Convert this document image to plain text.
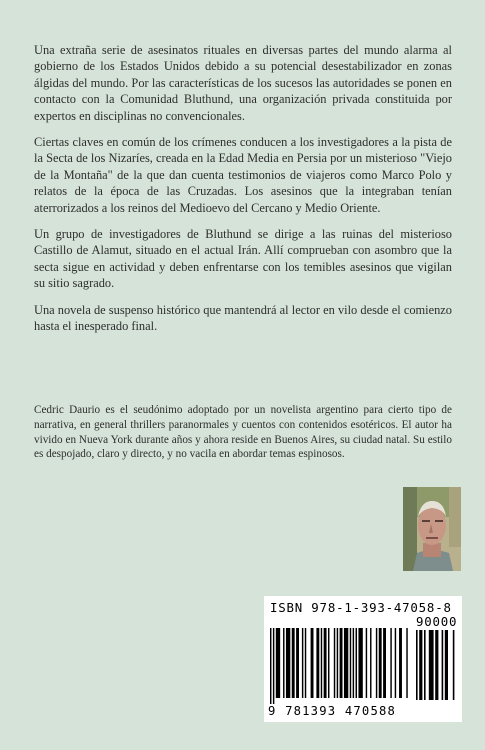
Una extraña serie de asesinatos rituales en diversas partes del mundo alarma al gobierno de los Estados Unidos debido a su potencial desestabilizador en zonas álgidas del mundo. Por las características de los sucesos las autoridades se ponen en contacto con la Comunidad Bluthund, una organización privada constituida por expertos en disciplinas no convencionales.

Ciertas claves en común de los crímenes conducen a los investigadores a la pista de la Secta de los Nizaríes, creada en la Edad Media en Persia por un misterioso "Viejo de la Montaña" de la que dan cuenta testimonios de viajeros como Marco Polo y relatos de la época de las Cruzadas. Los asesinos que la integraban tenían aterrorizados a los reinos del Medioevo del Cercano y Medio Oriente.

Un grupo de investigadores de Bluthund se dirige a las ruinas del misterioso Castillo de Alamut, situado en el actual Irán. Allí comprueban con asombro que la secta sigue en actividad y deben enfrentarse con los temibles asesinos que vigilan su sitio sagrado.

Una novela de suspenso histórico que mantendrá al lector en vilo desde el comienzo hasta el inesperado final.

Cedric Daurio es el seudónimo adoptado por un novelista argentino para cierto tipo de narrativa, en general thrillers paranormales y cuentos con contenidos esotéricos. El autor ha vivido en Nueva York durante años y ahora reside en Buenos Aires, su ciudad natal. Su estilo es despojado, claro y directo, y no vacila en abordar temas espinosos.

ISBN 978-1-393-47058-8
90000
9 781393 470588
